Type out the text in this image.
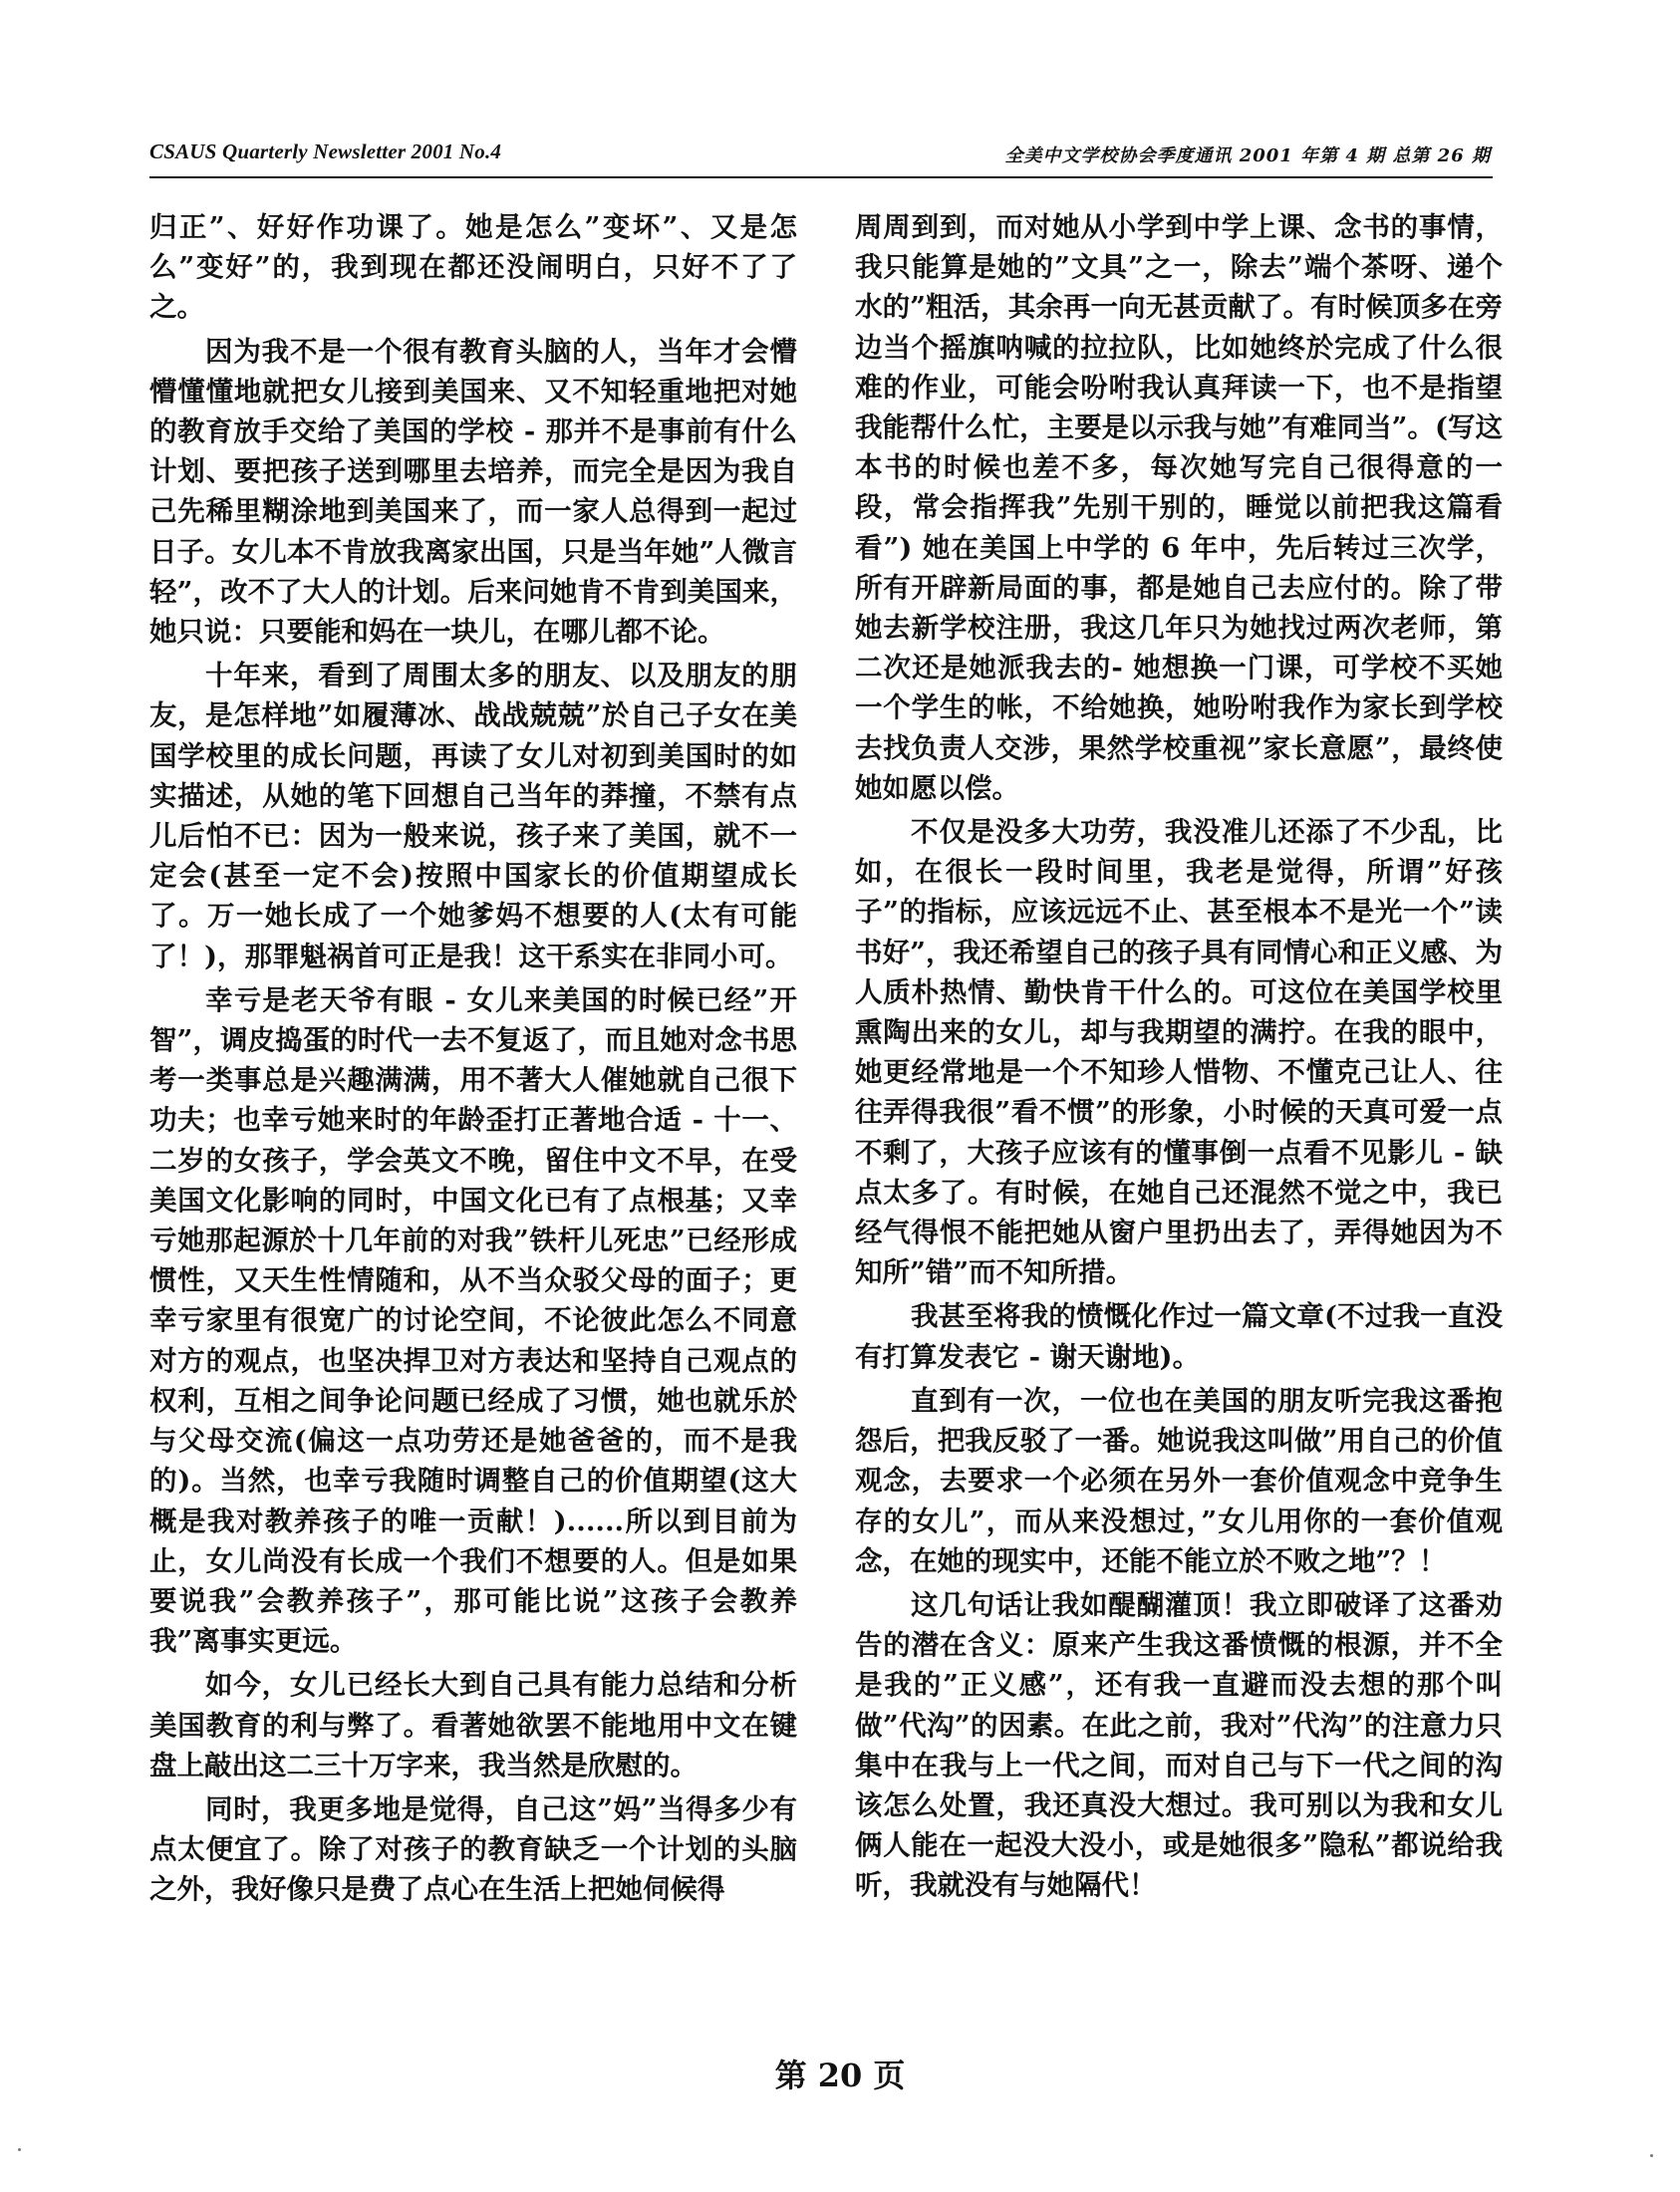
CSAUS Quarterly Newsletter 2001 No.4	全美中文学校协会季度通讯 2001 年第 4 期 总第 26 期

归正”、好好作功课了。她是怎么”变坏”、又是怎么”变好”的，我到现在都还没闹明白，只好不了了之。

因为我不是一个很有教育头脑的人，当年才会懵懵懂懂地就把女儿接到美国来、又不知轻重地把对她的教育放手交给了美国的学校 - 那并不是事前有什么计划、要把孩子送到哪里去培养，而完全是因为我自己先稀里糊涂地到美国来了，而一家人总得到一起过日子。女儿本不肯放我离家出国，只是当年她”人微言轻”，改不了大人的计划。后来问她肯不肯到美国来，她只说：只要能和妈在一块儿，在哪儿都不论。

十年来，看到了周围太多的朋友、以及朋友的朋友，是怎样地”如履薄冰、战战兢兢”於自己子女在美国学校里的成长问题，再读了女儿对初到美国时的如实描述，从她的笔下回想自己当年的莽撞，不禁有点儿后怕不已：因为一般来说，孩子来了美国，就不一定会(甚至一定不会)按照中国家长的价值期望成长了。万一她长成了一个她爹妈不想要的人(太有可能了！)，那罪魁祸首可正是我！这干系实在非同小可。

幸亏是老天爷有眼 - 女儿来美国的时候已经”开智”，调皮捣蛋的时代一去不复返了，而且她对念书思考一类事总是兴趣满满，用不著大人催她就自己很下功夫；也幸亏她来时的年龄歪打正著地合适 - 十一、二岁的女孩子，学会英文不晚，留住中文不早，在受美国文化影响的同时，中国文化已有了点根基；又幸亏她那起源於十几年前的对我”铁杆儿死忠”已经形成惯性，又天生性情随和，从不当众驳父母的面子；更幸亏家里有很宽广的讨论空间，不论彼此怎么不同意对方的观点，也坚决捍卫对方表达和坚持自己观点的权利，互相之间争论问题已经成了习惯，她也就乐於与父母交流(偏这一点功劳还是她爸爸的，而不是我的)。当然，也幸亏我随时调整自己的价值期望(这大概是我对教养孩子的唯一贡献！)......所以到目前为止，女儿尚没有长成一个我们不想要的人。但是如果要说我”会教养孩子”，那可能比说”这孩子会教养我”离事实更远。

如今，女儿已经长大到自己具有能力总结和分析美国教育的利与弊了。看著她欲罢不能地用中文在键盘上敲出这二三十万字来，我当然是欣慰的。

同时，我更多地是觉得，自己这”妈”当得多少有点太便宜了。除了对孩子的教育缺乏一个计划的头脑之外，我好像只是费了点心在生活上把她伺候得

周周到到，而对她从小学到中学上课、念书的事情，我只能算是她的”文具”之一，除去”端个茶呀、递个水的”粗活，其余再一向无甚贡献了。有时候顶多在旁边当个摇旗呐喊的拉拉队，比如她终於完成了什么很难的作业，可能会吩咐我认真拜读一下，也不是指望我能帮什么忙，主要是以示我与她”有难同当”。(写这本书的时候也差不多，每次她写完自己很得意的一段，常会指挥我”先别干别的，睡觉以前把我这篇看看”) 她在美国上中学的 6 年中，先后转过三次学，所有开辟新局面的事，都是她自己去应付的。除了带她去新学校注册，我这几年只为她找过两次老师，第二次还是她派我去的- 她想换一门课，可学校不买她一个学生的帐，不给她换，她吩咐我作为家长到学校去找负责人交涉，果然学校重视”家长意愿”，最终使她如愿以偿。

不仅是没多大功劳，我没准儿还添了不少乱，比如，在很长一段时间里，我老是觉得，所谓”好孩子”的指标，应该远远不止、甚至根本不是光一个”读书好”，我还希望自己的孩子具有同情心和正义感、为人质朴热情、勤快肯干什么的。可这位在美国学校里熏陶出来的女儿，却与我期望的满拧。在我的眼中，她更经常地是一个不知珍人惜物、不懂克己让人、往往弄得我很”看不惯”的形象，小时候的天真可爱一点不剩了，大孩子应该有的懂事倒一点看不见影儿 - 缺点太多了。有时候，在她自己还混然不觉之中，我已经气得恨不能把她从窗户里扔出去了，弄得她因为不知所”错”而不知所措。

我甚至将我的愤慨化作过一篇文章(不过我一直没有打算发表它 - 谢天谢地)。

直到有一次，一位也在美国的朋友听完我这番抱怨后，把我反驳了一番。她说我这叫做”用自己的价值观念，去要求一个必须在另外一套价值观念中竞争生存的女儿”，而从来没想过，”女儿用你的一套价值观念，在她的现实中，还能不能立於不败之地”？！

这几句话让我如醍醐灌顶！我立即破译了这番劝告的潜在含义：原来产生我这番愤慨的根源，并不全是我的”正义感”，还有我一直避而没去想的那个叫做”代沟”的因素。在此之前，我对”代沟”的注意力只集中在我与上一代之间，而对自己与下一代之间的沟该怎么处置，我还真没大想过。我可别以为我和女儿俩人能在一起没大没小，或是她很多”隐私”都说给我听，我就没有与她隔代！

第 20 页
